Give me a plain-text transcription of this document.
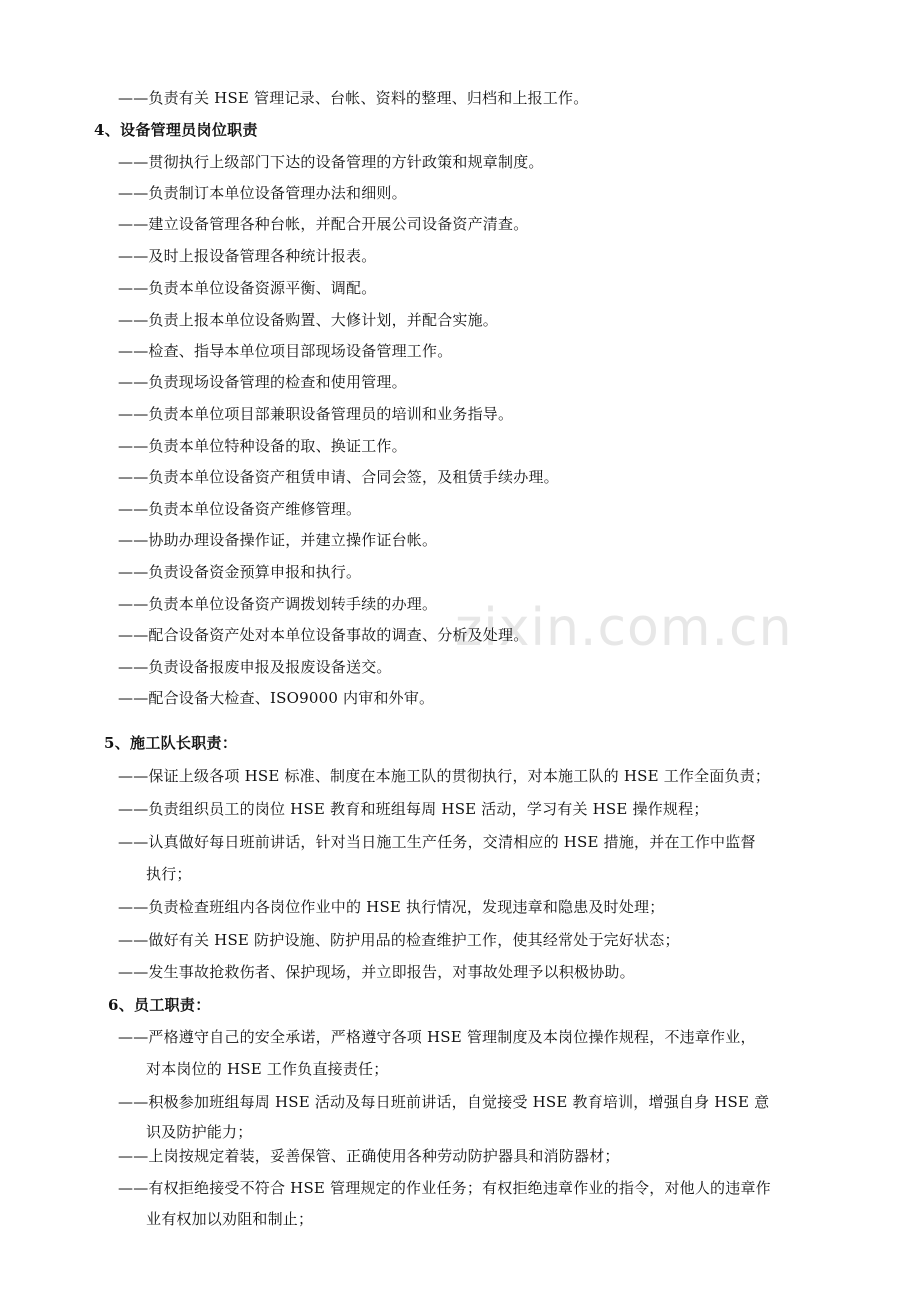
zixin.com.cn
——负责有关 HSE 管理记录、台帐、资料的整理、归档和上报工作。
4、设备管理员岗位职责
——贯彻执行上级部门下达的设备管理的方针政策和规章制度。
——负责制订本单位设备管理办法和细则。
——建立设备管理各种台帐，并配合开展公司设备资产清查。
——及时上报设备管理各种统计报表。
——负责本单位设备资源平衡、调配。
——负责上报本单位设备购置、大修计划，并配合实施。
——检查、指导本单位项目部现场设备管理工作。
——负责现场设备管理的检查和使用管理。
——负责本单位项目部兼职设备管理员的培训和业务指导。
——负责本单位特种设备的取、换证工作。
——负责本单位设备资产租赁申请、合同会签，及租赁手续办理。
——负责本单位设备资产维修管理。
——协助办理设备操作证，并建立操作证台帐。
——负责设备资金预算申报和执行。
——负责本单位设备资产调拨划转手续的办理。
——配合设备资产处对本单位设备事故的调查、分析及处理。
——负责设备报废申报及报废设备送交。
——配合设备大检查、ISO9000 内审和外审。
5、施工队长职责：
——保证上级各项 HSE 标准、制度在本施工队的贯彻执行，对本施工队的 HSE 工作全面负责；
——负责组织员工的岗位 HSE 教育和班组每周 HSE 活动，学习有关 HSE 操作规程；
——认真做好每日班前讲话，针对当日施工生产任务，交清相应的 HSE 措施，并在工作中监督
执行；
——负责检查班组内各岗位作业中的 HSE 执行情况，发现违章和隐患及时处理；
——做好有关 HSE 防护设施、防护用品的检查维护工作，使其经常处于完好状态；
——发生事故抢救伤者、保护现场，并立即报告，对事故处理予以积极协助。
6、员工职责：
——严格遵守自己的安全承诺，严格遵守各项 HSE 管理制度及本岗位操作规程，不违章作业，
对本岗位的 HSE 工作负直接责任；
——积极参加班组每周 HSE 活动及每日班前讲话，自觉接受 HSE 教育培训，增强自身 HSE 意
识及防护能力；
——上岗按规定着装，妥善保管、正确使用各种劳动防护器具和消防器材；
——有权拒绝接受不符合 HSE 管理规定的作业任务；有权拒绝违章作业的指令，对他人的违章作
业有权加以劝阻和制止；
